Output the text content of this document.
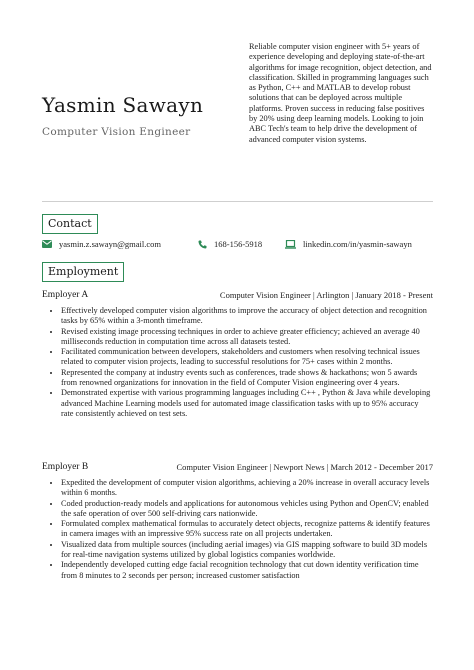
Yasmin Sawayn
Computer Vision Engineer
Reliable computer vision engineer with 5+ years of experience developing and deploying state-of-the-art algorithms for image recognition, object detection, and classification. Skilled in programming languages such as Python, C++ and MATLAB to develop robust solutions that can be deployed across multiple platforms. Proven success in reducing false positives by 20% using deep learning models. Looking to join ABC Tech's team to help drive the development of advanced computer vision systems.
Contact
yasmin.z.sawayn@gmail.com	168-156-5918	linkedin.com/in/yasmin-sawayn
Employment
Employer A	Computer Vision Engineer | Arlington | January 2018 - Present
• Effectively developed computer vision algorithms to improve the accuracy of object detection and recognition tasks by 65% within a 3-month timeframe.
• Revised existing image processing techniques in order to achieve greater efficiency; achieved an average 40 milliseconds reduction in computation time across all datasets tested.
• Facilitated communication between developers, stakeholders and customers when resolving technical issues related to computer vision projects, leading to successful resolutions for 75+ cases within 2 months.
• Represented the company at industry events such as conferences, trade shows & hackathons; won 5 awards from renowned organizations for innovation in the field of Computer Vision engineering over 4 years.
• Demonstrated expertise with various programming languages including C++ , Python & Java while developing advanced Machine Learning models used for automated image classification tasks with up to 95% accuracy rate consistently achieved on test sets.
Employer B	Computer Vision Engineer | Newport News | March 2012 - December 2017
• Expedited the development of computer vision algorithms, achieving a 20% increase in overall accuracy levels within 6 months.
• Coded production-ready models and applications for autonomous vehicles using Python and OpenCV; enabled the safe operation of over 500 self-driving cars nationwide.
• Formulated complex mathematical formulas to accurately detect objects, recognize patterns & identify features in camera images with an impressive 95% success rate on all projects undertaken.
• Visualized data from multiple sources (including aerial images) via GIS mapping software to build 3D models for real-time navigation systems utilized by global logistics companies worldwide.
• Independently developed cutting edge facial recognition technology that cut down identity verification time from 8 minutes to 2 seconds per person; increased customer satisfaction
